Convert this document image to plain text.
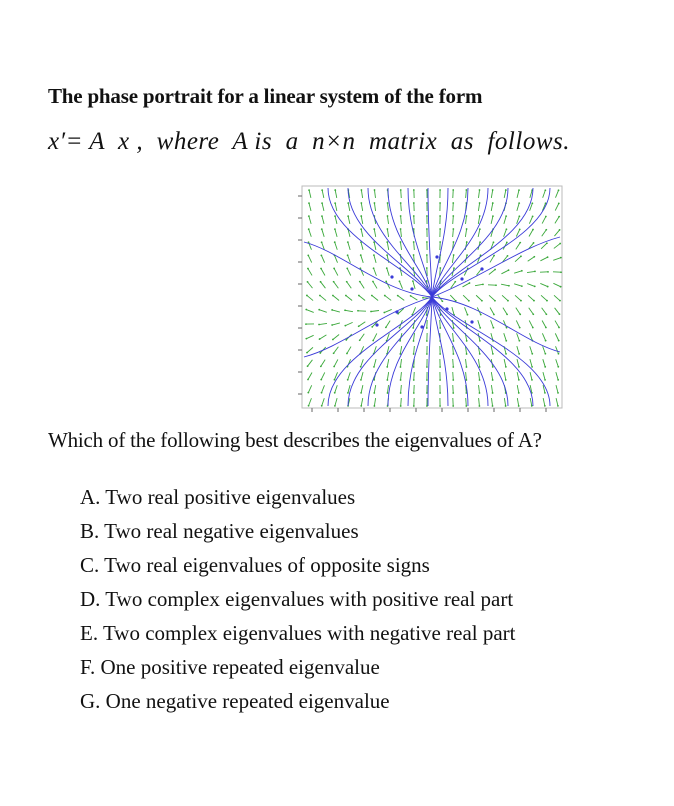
The phase portrait for a linear system of the form
x′= A  x ,  where  A is  a  n×n  matrix  as  follows.
Which of the following best describes the eigenvalues of A?
A. Two real positive eigenvalues
B. Two real negative eigenvalues
C. Two real eigenvalues of opposite signs
D. Two complex eigenvalues with positive real part
E. Two complex eigenvalues with negative real part
F. One positive repeated eigenvalue
G. One negative repeated eigenvalue
